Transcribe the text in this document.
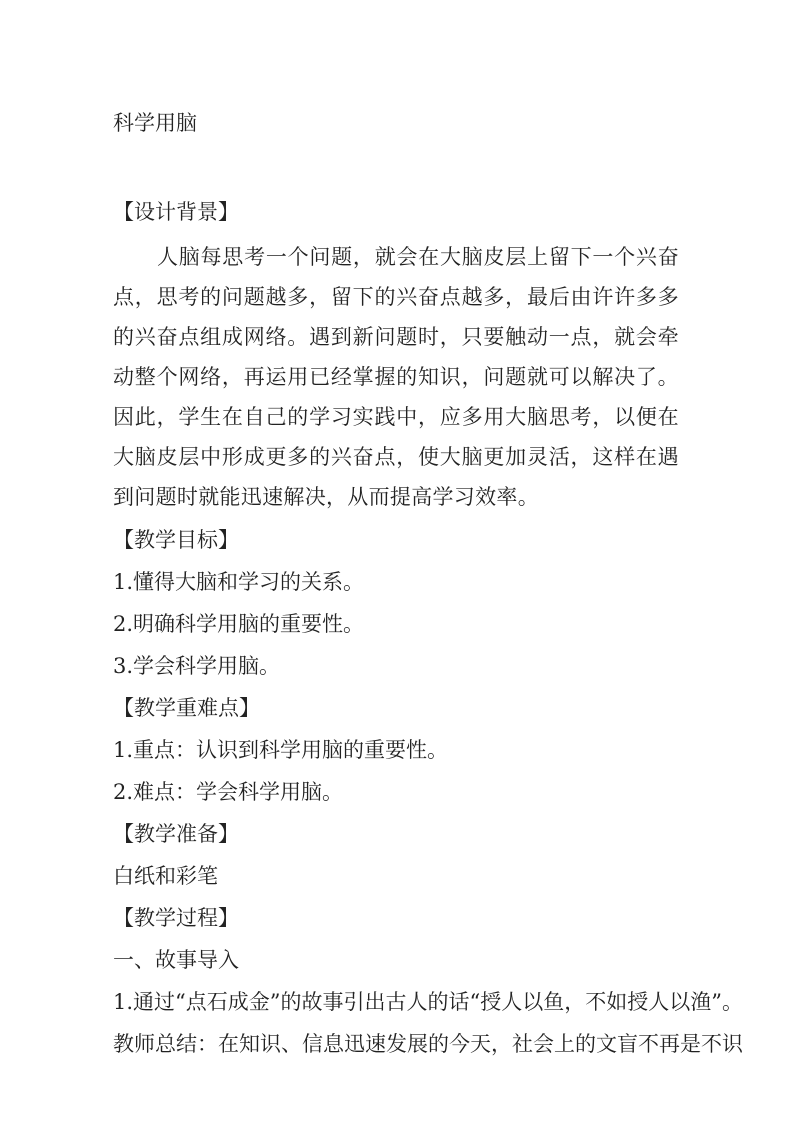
科学用脑

【设计背景】

人脑每思考一个问题，就会在大脑皮层上留下一个兴奋点，思考的问题越多，留下的兴奋点越多，最后由许许多多的兴奋点组成网络。遇到新问题时，只要触动一点，就会牵动整个网络，再运用已经掌握的知识，问题就可以解决了。因此，学生在自己的学习实践中，应多用大脑思考，以便在大脑皮层中形成更多的兴奋点，使大脑更加灵活，这样在遇到问题时就能迅速解决，从而提高学习效率。

【教学目标】

1.懂得大脑和学习的关系。

2.明确科学用脑的重要性。

3.学会科学用脑。

【教学重难点】

1.重点：认识到科学用脑的重要性。

2.难点：学会科学用脑。

【教学准备】

白纸和彩笔

【教学过程】

一、故事导入

1.通过“点石成金”的故事引出古人的话“授人以鱼，不如授人以渔”。

教师总结：在知识、信息迅速发展的今天，社会上的文盲不再是不识
